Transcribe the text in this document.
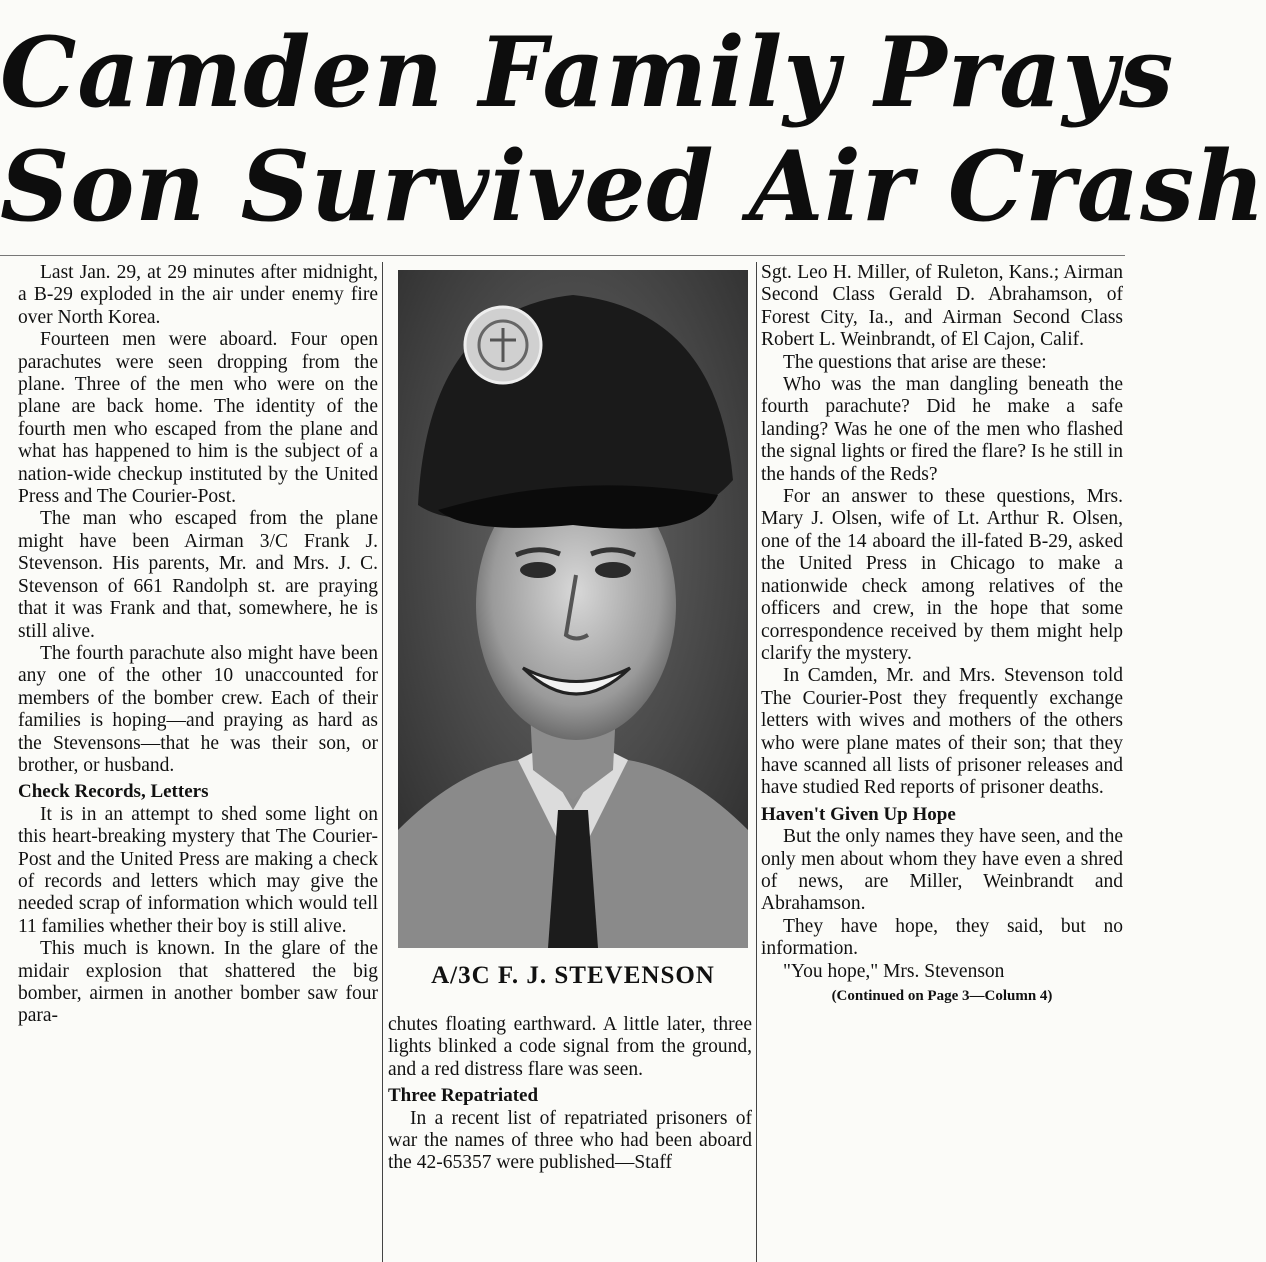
Camden Family Prays
Son Survived Air Crash

Last Jan. 29, at 29 minutes after midnight, a B-29 exploded in the air under enemy fire over North Korea.

Fourteen men were aboard. Four open parachutes were seen dropping from the plane. Three of the men who were on the plane are back home. The identity of the fourth men who escaped from the plane and what has happened to him is the subject of a nation-wide checkup instituted by the United Press and The Courier-Post.

The man who escaped from the plane might have been Airman 3/C Frank J. Stevenson. His parents, Mr. and Mrs. J. C. Stevenson of 661 Randolph st. are praying that it was Frank and that, somewhere, he is still alive.

The fourth parachute also might have been any one of the other 10 unaccounted for members of the bomber crew. Each of their families is hoping—and praying as hard as the Stevensons—that he was their son, or brother, or husband.

Check Records, Letters

It is in an attempt to shed some light on this heart-breaking mystery that The Courier-Post and the United Press are making a check of records and letters which may give the needed scrap of information which would tell 11 families whether their boy is still alive.

This much is known. In the glare of the midair explosion that shattered the big bomber, airmen in another bomber saw four para-

A/3C F. J. STEVENSON

chutes floating earthward. A little later, three lights blinked a code signal from the ground, and a red distress flare was seen.

Three Repatriated

In a recent list of repatriated prisoners of war the names of three who had been aboard the 42-65357 were published—Staff

Sgt. Leo H. Miller, of Ruleton, Kans.; Airman Second Class Gerald D. Abrahamson, of Forest City, Ia., and Airman Second Class Robert L. Weinbrandt, of El Cajon, Calif.

The questions that arise are these:

Who was the man dangling beneath the fourth parachute? Did he make a safe landing? Was he one of the men who flashed the signal lights or fired the flare? Is he still in the hands of the Reds?

For an answer to these questions, Mrs. Mary J. Olsen, wife of Lt. Arthur R. Olsen, one of the 14 aboard the ill-fated B-29, asked the United Press in Chicago to make a nationwide check among relatives of the officers and crew, in the hope that some correspondence received by them might help clarify the mystery.

In Camden, Mr. and Mrs. Stevenson told The Courier-Post they frequently exchange letters with wives and mothers of the others who were plane mates of their son; that they have scanned all lists of prisoner releases and have studied Red reports of prisoner deaths.

Haven't Given Up Hope

But the only names they have seen, and the only men about whom they have even a shred of news, are Miller, Weinbrandt and Abrahamson.

They have hope, they said, but no information.

"You hope," Mrs. Stevenson

(Continued on Page 3—Column 4)
